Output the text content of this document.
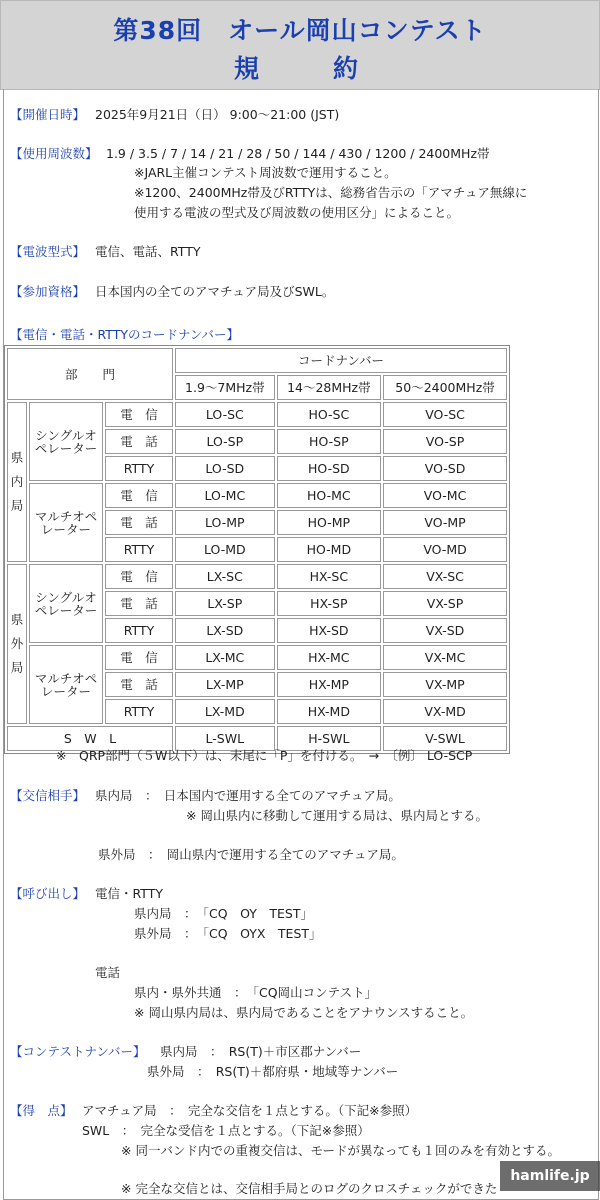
第38回　オール岡山コンテスト
規　　約
【開催日時】 2025年9月21日（日） 9:00～21:00 (JST)
【使用周波数】 1.9 / 3.5 / 7 / 14 / 21 / 28 / 50 / 144 / 430 / 1200 / 2400MHz帯
※JARL主催コンテスト周波数で運用すること。
※1200、2400MHz帯及びRTTYは、総務省告示の「アマチュア無線に
使用する電波の型式及び周波数の使用区分」によること。
【電波型式】 電信、電話、RTTY
【参加資格】 日本国内の全てのアマチュア局及びSWL。
【電信・電話・RTTYのコードナンバー】
部　　門			コードナンバー		
			1.9～7MHz帯	14～28MHz帯	50～2400MHz帯
県内局	シングルオペレーター	電　信	LO-SC	HO-SC	VO-SC
		電　話	LO-SP	HO-SP	VO-SP
		RTTY	LO-SD	HO-SD	VO-SD
	マルチオペレーター	電　信	LO-MC	HO-MC	VO-MC
		電　話	LO-MP	HO-MP	VO-MP
		RTTY	LO-MD	HO-MD	VO-MD
県外局	シングルオペレーター	電　信	LX-SC	HX-SC	VX-SC
		電　話	LX-SP	HX-SP	VX-SP
		RTTY	LX-SD	HX-SD	VX-SD
	マルチオペレーター	電　信	LX-MC	HX-MC	VX-MC
		電　話	LX-MP	HX-MP	VX-MP
		RTTY	LX-MD	HX-MD	VX-MD
S　W　L			L-SWL	H-SWL	V-SWL
※　QRP部門（５W以下）は、末尾に「P」を付ける。　→　〔例〕 LO-SCP
【交信相手】 県内局　：　日本国内で運用する全てのアマチュア局。
※ 岡山県内に移動して運用する局は、県内局とする。
県外局　：　岡山県内で運用する全てのアマチュア局。
【呼び出し】 電信・RTTY
県内局　：　「CQ　OY　TEST」
県外局　：　「CQ　OYX　TEST」
電話
県内・県外共通　：　「CQ岡山コンテスト」
※ 岡山県内局は、県内局であることをアナウンスすること。
【コンテストナンバー】 県内局　：　RS(T)＋市区郡ナンバー
県外局　：　RS(T)＋都府県・地域等ナンバー
【得　点】 アマチュア局　：　完全な交信を１点とする。（下記※参照）
SWL　：　完全な受信を１点とする。（下記※参照）
※ 同一バンド内での重複交信は、モードが異なっても１回のみを有効とする。
※ 完全な交信とは、交信相手局とのログのクロスチェックができた
hamlife.jp
